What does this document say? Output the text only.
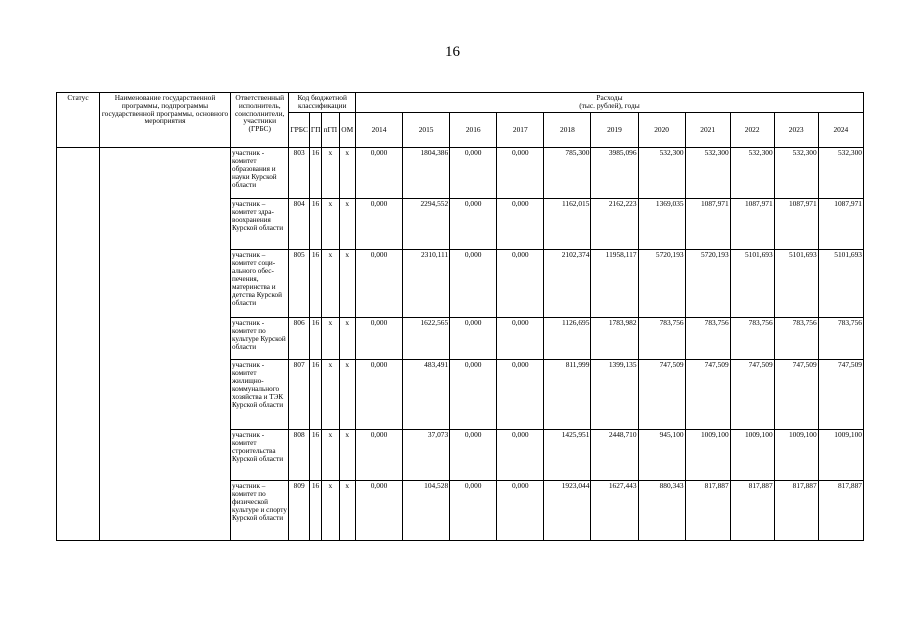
16
Статус	Наименование государственной программы, подпрограммы государственной программы, основного мероприятия	Ответственный исполнитель, соисполнители, участники (ГРБС)	Код бюджетной классификации				Расходы
(тыс. рублей), годы										

			ГРБС	ГП	пГП	ОМ	2014	2015	2016	2017	2018	2019	2020	2021	2022	2023	2024
		участник - комитет образования и науки Курской области	803	16	x	x	0,000	1804,386	0,000	0,000	785,300	3985,096	532,300	532,300	532,300	532,300	532,300
		участник – комитет здравоохранения Курской области	804	16	x	x	0,000	2294,552	0,000	0,000	1162,015	2162,223	1369,035	1087,971	1087,971	1087,971	1087,971
		участник – комитет социального обеспечения, материнства и детства Курской области	805	16	x	x	0,000	2310,111	0,000	0,000	2102,374	11958,117	5720,193	5720,193	5101,693	5101,693	5101,693
		участник - комитет по культуре Курской области	806	16	x	x	0,000	1622,565	0,000	0,000	1126,695	1783,982	783,756	783,756	783,756	783,756	783,756
		участник - комитет жилищно-коммунального хозяйства и ТЭК Курской области	807	16	x	x	0,000	483,491	0,000	0,000	811,999	1399,135	747,509	747,509	747,509	747,509	747,509
		участник - комитет строительства Курской области	808	16	x	x	0,000	37,073	0,000	0,000	1425,951	2448,710	945,100	1009,100	1009,100	1009,100	1009,100
		участник – комитет по физической культуре и спорту Курской области	809	16	x	x	0,000	104,528	0,000	0,000	1923,044	1627,443	880,343	817,887	817,887	817,887	817,887
